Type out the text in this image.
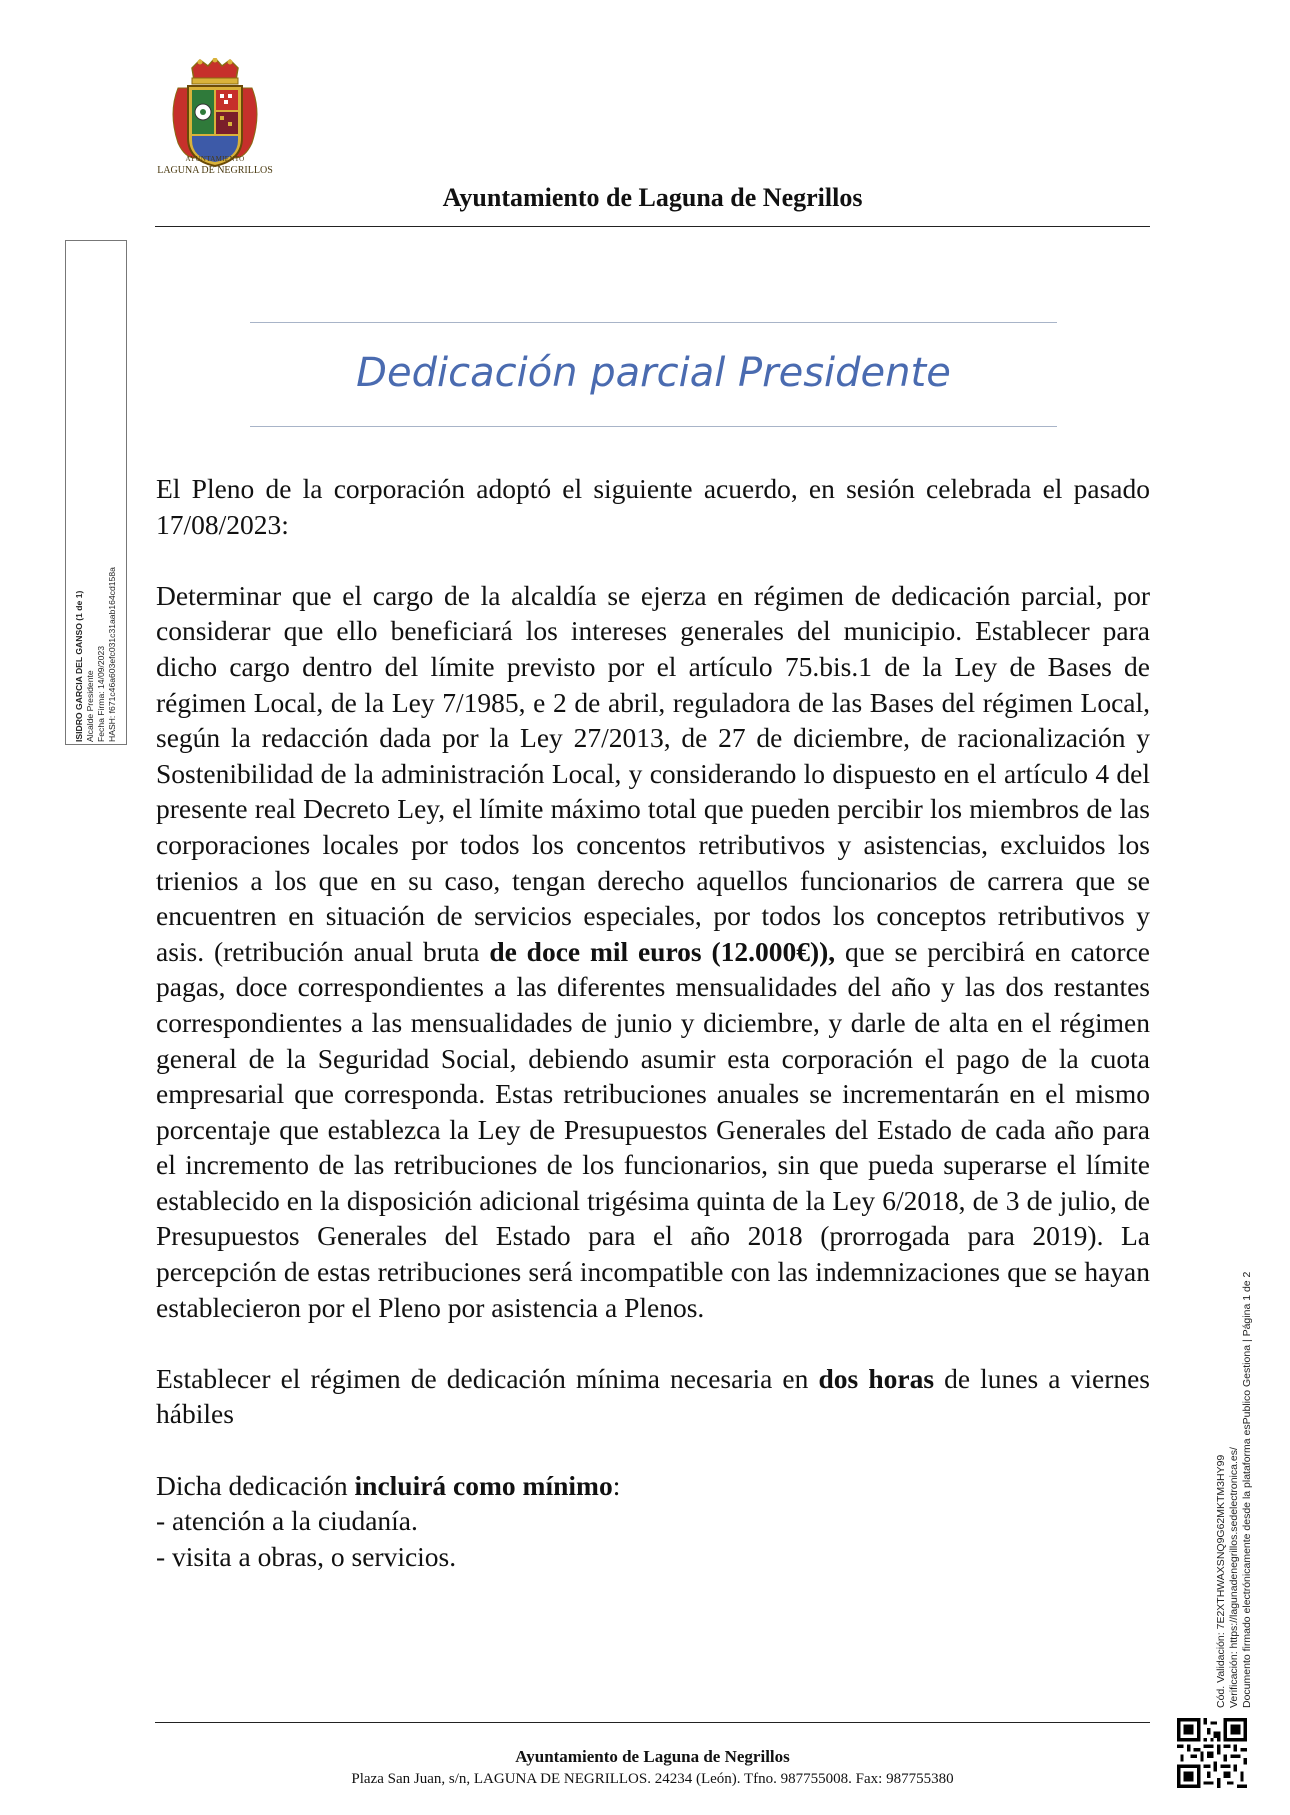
AYUNTAMIENTO
LAGUNA DE NEGRILLOS
Ayuntamiento de Laguna de Negrillos
ISIDRO GARCIA DEL GANSO (1 de 1) Alcalde Presidente Fecha Firma: 14/09/2023 HASH: f671c46a603efc031c31aab164cd158a
Dedicación parcial Presidente

El Pleno de la corporación adoptó el siguiente acuerdo, en sesión celebrada el pasado 17/08/2023:

Determinar que el cargo de la alcaldía se ejerza en régimen de dedicación parcial, por considerar que ello beneficiará los intereses generales del municipio. Establecer para dicho cargo dentro del límite previsto por el artículo 75.bis.1 de la Ley de Bases de régimen Local, de la Ley 7/1985, e 2 de abril, reguladora de las Bases del régimen Local, según la redacción dada por la Ley 27/2013, de 27 de diciembre, de racionalización y Sostenibilidad de la administración Local, y considerando lo dispuesto en el artículo 4 del presente real Decreto Ley, el límite máximo total que pueden percibir los miembros de las corporaciones locales por todos los concentos retributivos y asistencias, excluidos los trienios a los que en su caso, tengan derecho aquellos funcionarios de carrera que se encuentren en situación de servicios especiales, por todos los conceptos retributivos y asis. (retribución anual bruta de doce mil euros (12.000€)), que se percibirá en catorce pagas, doce correspondientes a las diferentes mensualidades del año y las dos restantes correspondientes a las mensualidades de junio y diciembre, y darle de alta en el régimen general de la Seguridad Social, debiendo asumir esta corporación el pago de la cuota empresarial que corresponda. Estas retribuciones anuales se incrementarán en el mismo porcentaje que establezca la Ley de Presupuestos Generales del Estado de cada año para el incremento de las retribuciones de los funcionarios, sin que pueda superarse el límite establecido en la disposición adicional trigésima quinta de la Ley 6/2018, de 3 de julio, de Presupuestos Generales del Estado para el año 2018 (prorrogada para 2019). La percepción de estas retribuciones será incompatible con las indemnizaciones que se hayan establecieron por el Pleno por asistencia a Plenos.

Establecer el régimen de dedicación mínima necesaria en dos horas de lunes a viernes hábiles

Dicha dedicación incluirá como mínimo:

- atención a la ciudanía.

- visita a obras, o servicios.	Cód. Validación: 7E2XTHWAXSNQ9G62MKTM3HY99 Verificación: https://lagunadenegrillos.sedelectronica.es/ Documento firmado electrónicamente desde la plataforma esPublico Gestiona | Página 1 de 2
Ayuntamiento de Laguna de Negrillos
Plaza San Juan, s/n, LAGUNA DE NEGRILLOS. 24234 (León). Tfno. 987755008. Fax: 987755380
